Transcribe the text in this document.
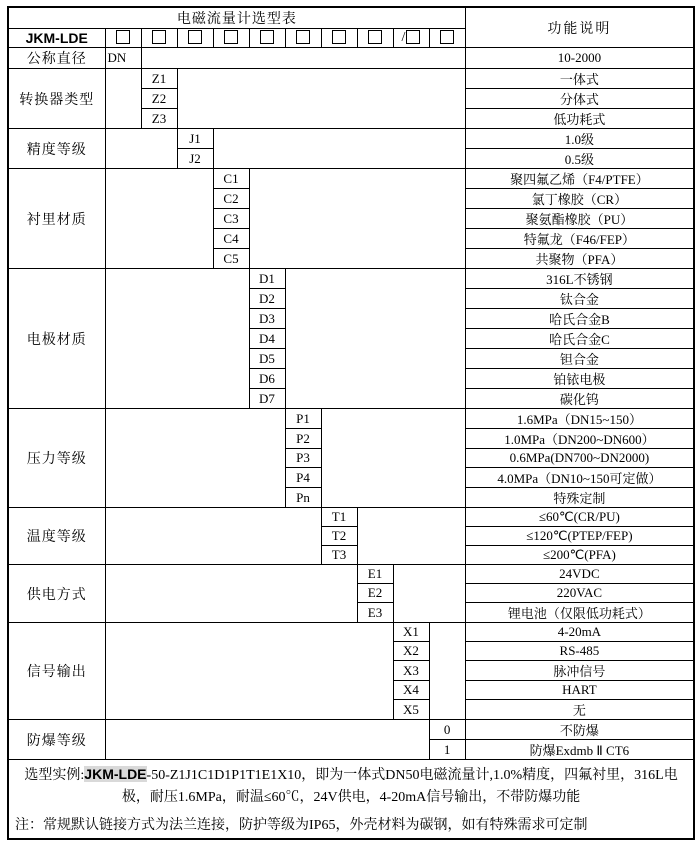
电磁流量计选型表											功能说明
JKM-LDE									/		
公称直径	DN										10-2000
转换器类型		Z1									一体式
		Z2									分体式
		Z3									低功耗式
精度等级			J1								1.0级
			J2								0.5级
衬里材质				C1							聚四氟乙烯（F4/PTFE）
				C2							氯丁橡胶（CR）
				C3							聚氨酯橡胶（PU）
				C4							特氟龙（F46/FEP）
				C5							共聚物（PFA）
电极材质					D1						316L不锈钢
					D2						钛合金
					D3						哈氏合金B
					D4						哈氏合金C
					D5						钽合金
					D6						铂铱电极
					D7						碳化钨
压力等级						P1					1.6MPa（DN15~150）
						P2					1.0MPa（DN200~DN600）
						P3					0.6MPa(DN700~DN2000)
						P4					4.0MPa（DN10~150可定做）
						Pn					特殊定制
温度等级							T1				≤60℃(CR/PU)
							T2				≤120℃(PTEP/FEP)
							T3				≤200℃(PFA)
供电方式								E1			24VDC
								E2			220VAC
								E3			锂电池（仅限低功耗式）
信号输出									X1		4-20mA
									X2		RS-485
									X3		脉冲信号
									X4		HART
									X5		无
防爆等级										0	不防爆
										1	防爆Exdmb Ⅱ CT6
选型实例:JKM-LDE-50-Z1J1C1D1P1T1E1X10，即为一体式DN50电磁流量计,1.0%精度，四氟衬里，316L电极，耐压1.6MPa，耐温≤60℃，24V供电，4-20mA信号输出，不带防爆功能											
注：常规默认链接方式为法兰连接，防护等级为IP65，外壳材料为碳钢，如有特殊需求可定制											
